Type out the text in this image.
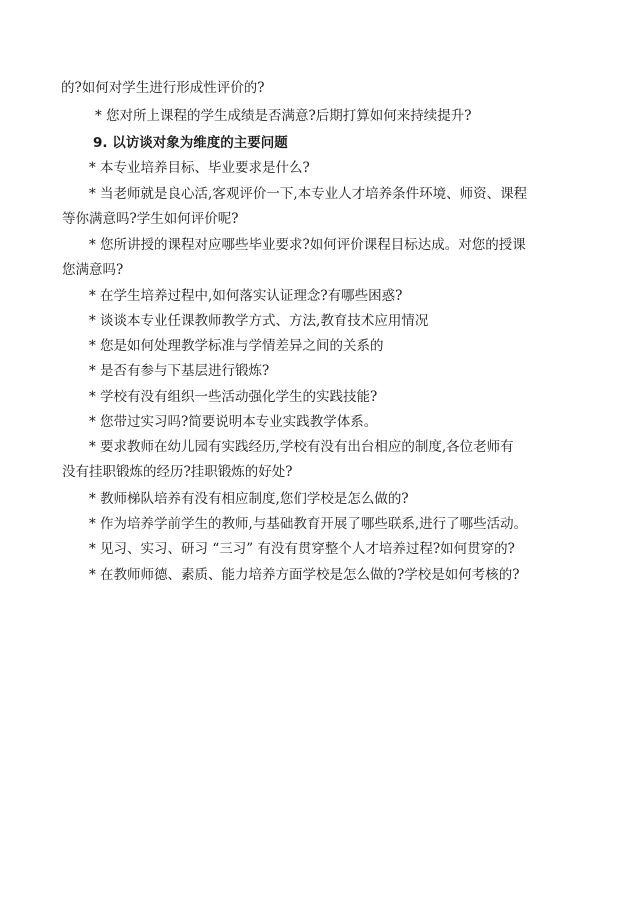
的?如何对学生进行形成性评价的?
* 您对所上课程的学生成绩是否满意?后期打算如何来持续提升?
9. 以访谈对象为维度的主要问题
* 本专业培养目标、毕业要求是什么?
* 当老师就是良心活,客观评价一下,本专业人才培养条件环境、师资、课程
等你满意吗?学生如何评价呢?
* 您所讲授的课程对应哪些毕业要求?如何评价课程目标达成。对您的授课
您满意吗?
* 在学生培养过程中,如何落实认证理念?有哪些困惑?
* 谈谈本专业任课教师教学方式、方法,教育技术应用情况
* 您是如何处理教学标准与学情差异之间的关系的
* 是否有参与下基层进行锻炼?
* 学校有没有组织一些活动强化学生的实践技能?
* 您带过实习吗?简要说明本专业实践教学体系。
* 要求教师在幼儿园有实践经历,学校有没有出台相应的制度,各位老师有
没有挂职锻炼的经历?挂职锻炼的好处?
* 教师梯队培养有没有相应制度,您们学校是怎么做的?
* 作为培养学前学生的教师,与基础教育开展了哪些联系,进行了哪些活动。
* 见习、实习、研习 “三习” 有没有贯穿整个人才培养过程?如何贯穿的?
* 在教师师德、素质、能力培养方面学校是怎么做的?学校是如何考核的?
